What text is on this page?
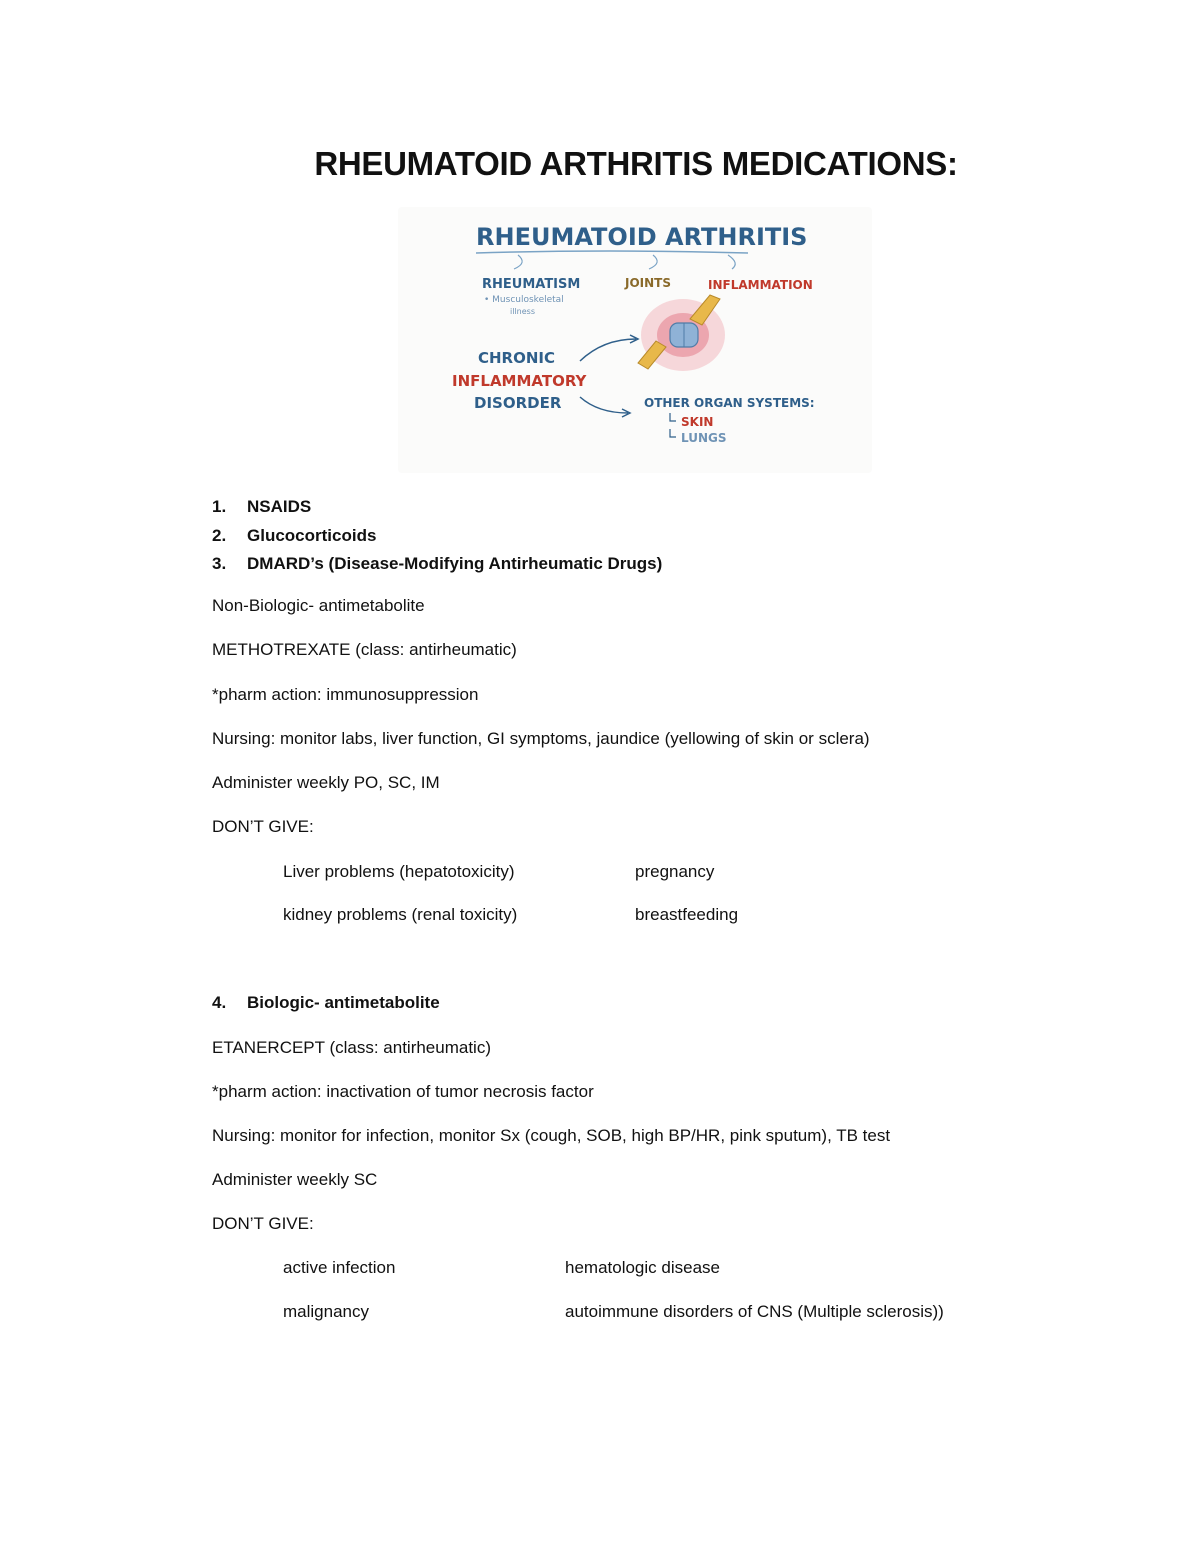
RHEUMATOID ARTHRITIS MEDICATIONS:
RHEUMATOID ARTHRITIS
RHEUMATISM
• Musculoskeletal
illness
JOINTS	INFLAMMATION
CHRONIC
INFLAMMATORY
DISORDER	OTHER ORGAN SYSTEMS:
SKIN
LUNGS
1. NSAIDS
2. Glucocorticoids
3. DMARD’s (Disease-Modifying Antirheumatic Drugs)
Non-Biologic- antimetabolite
METHOTREXATE (class: antirheumatic)
*pharm action: immunosuppression
Nursing: monitor labs, liver function, GI symptoms, jaundice (yellowing of skin or sclera)
Administer weekly PO, SC, IM
DON’T GIVE:
Liver problems (hepatotoxicity)	pregnancy
kidney problems (renal toxicity)	breastfeeding
4. Biologic- antimetabolite
ETANERCEPT (class: antirheumatic)
*pharm action: inactivation of tumor necrosis factor
Nursing: monitor for infection, monitor Sx (cough, SOB, high BP/HR, pink sputum), TB test
Administer weekly SC
DON’T GIVE:
active infection	hematologic disease
malignancy	autoimmune disorders of CNS (Multiple sclerosis))
